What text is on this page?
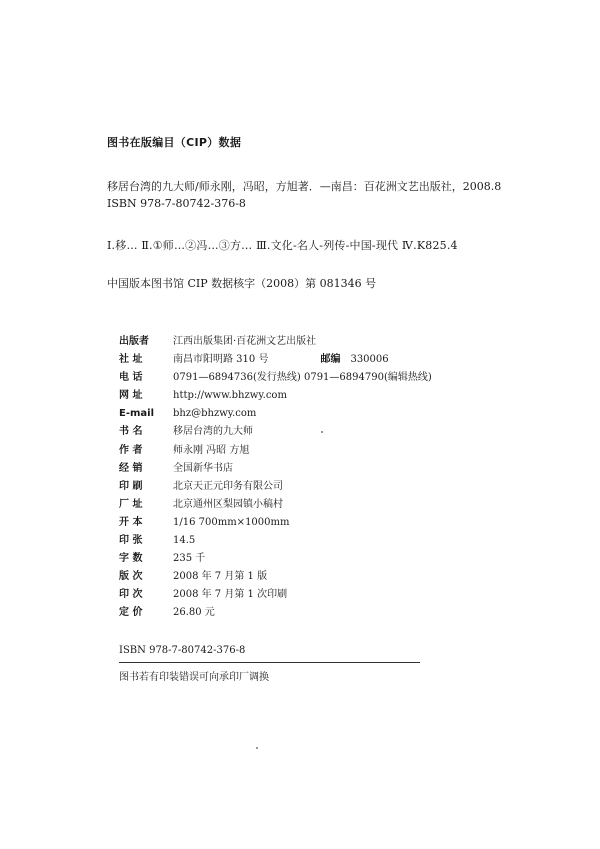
图书在版编目（CIP）数据
移居台湾的九大师/师永刚，冯昭，方旭著．—南昌：百花洲文艺出版社，2008.8
ISBN 978-7-80742-376-8
Ⅰ.移… Ⅱ.①师…②冯…③方… Ⅲ.文化-名人-列传-中国-现代 Ⅳ.K825.4
中国版本图书馆 CIP 数据核字（2008）第 081346 号
出版者	江西出版集团·百花洲文艺出版社
社 址	南昌市阳明路 310 号 邮编 330006
电 话	0791—6894736(发行热线) 0791—6894790(编辑热线)
网 址	http://www.bhzwy.com
E-mail	bhz@bhzwy.com
书 名	移居台湾的九大师
作 者	师永刚 冯昭 方旭
经 销	全国新华书店
印 刷	北京天正元印务有限公司
厂 址	北京通州区梨园镇小稿村
开 本	1/16 700mm×1000mm
印 张	14.5
字 数	235 千
版 次	2008 年 7 月第 1 版
印 次	2008 年 7 月第 1 次印刷
定 价	26.80 元
ISBN 978-7-80742-376-8
图书若有印装错误可向承印厂调换
